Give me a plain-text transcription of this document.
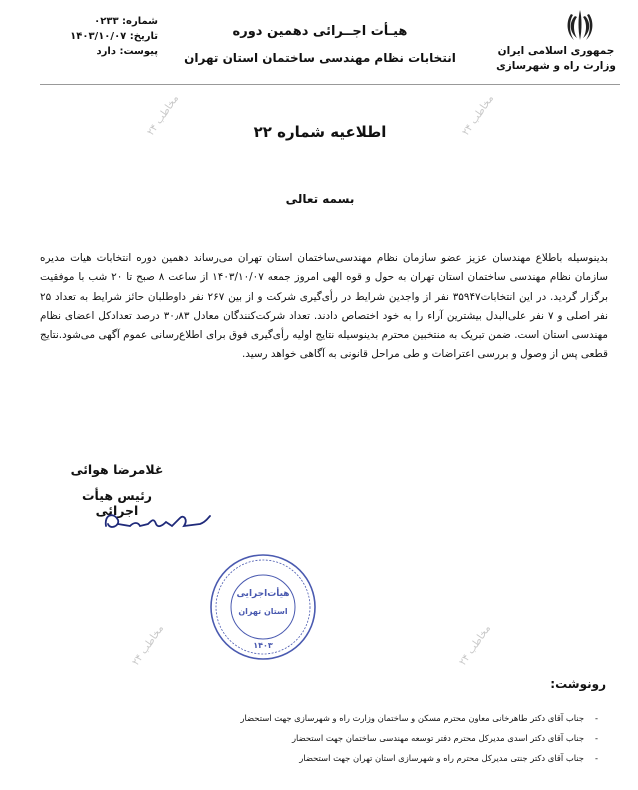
جمهوری اسلامی ایران
وزارت راه و شهرسازی
هیـأت اجــرائی دهمین دوره
انتخابات نظام مهندسی ساختمان استان تهران
شماره: ۰۲۳۳
تاریخ: ۱۴۰۳/۱۰/۰۷
پیوست: دارد
مخاطب ۲۴
مخاطب ۲۴
مخاطب ۲۴
مخاطب ۲۴
اطلاعیه شماره ۲۲
بسمه تعالی
بدینوسیله باطلاع مهندسان عزیز عضو سازمان نظام مهندسی‌ساختمان استان تهران می‌رساند دهمین دوره انتخابات هیات مدیره سازمان نظام مهندسی ساختمان استان تهران به حول و قوه الهی امروز جمعه ۱۴۰۳/۱۰/۰۷ از ساعت ۸ صبح تا ۲۰ شب با موفقیت برگزار گردید. در این انتخابات۳۵۹۴۷ نفر از واجدین شرایط در رأی‌گیری شرکت و از بین ۲۶۷ نفر داوطلبان حائز شرایط به تعداد ۲۵ نفر اصلی و ۷ نفر علی‌البدل بیشترین آراء را به خود اختصاص دادند. تعداد شرکت‌کنندگان معادل ۳۰٫۸۳ درصد تعدادکل اعضای نظام مهندسی استان است. ضمن تبریک به منتخبین محترم بدینوسیله نتایج اولیه رأی‌گیری فوق برای اطلاع‌رسانی عموم آگهی می‌شود.نتایج قطعی پس از وصول و بررسی اعتراضات و طی مراحل قانونی به آگاهی خواهد رسید.
غلامرضا هوائی
رئیس هیأت اجرائی
هیأت‌اجرایی
استان تهران
۱۴۰۳
رونوشت:
- جناب آقای دکتر طاهرخانی معاون محترم مسکن و ساختمان وزارت راه و شهرسازی جهت استحضار
- جناب آقای دکتر اسدی مدیرکل محترم دفتر توسعه مهندسی ساختمان جهت استحضار
- جناب آقای دکتر جنتی مدیرکل محترم راه و شهرسازی استان تهران جهت استحضار
